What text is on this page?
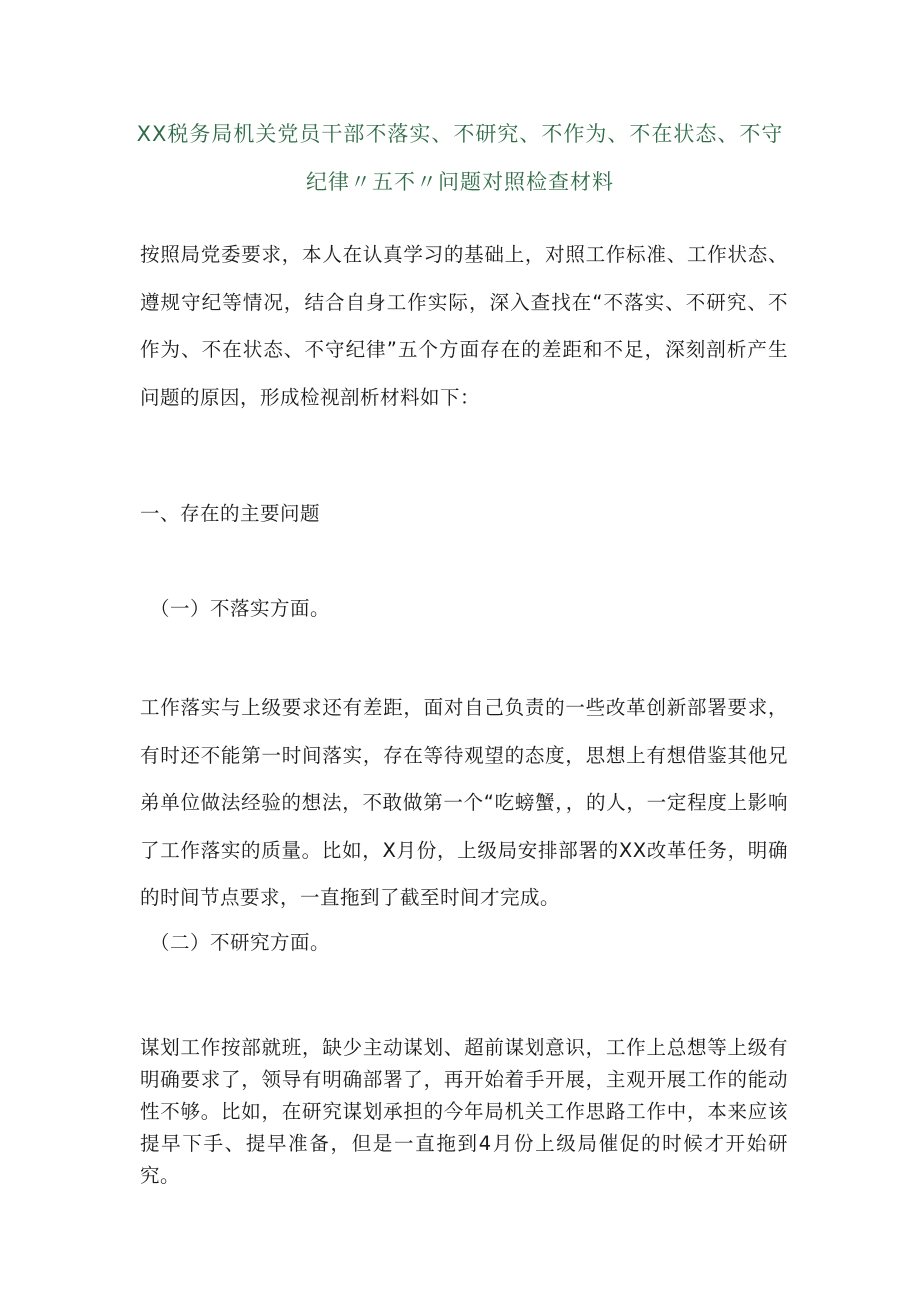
XX税务局机关党员干部不落实、不研究、不作为、不在状态、不守
纪律〃五不〃问题对照检查材料

按照局党委要求，本人在认真学习的基础上，对照工作标准、工作状态、遵规守纪等情况，结合自身工作实际，深入查找在“不落实、不研究、不作为、不在状态、不守纪律”五个方面存在的差距和不足，深刻剖析产生问题的原因，形成检视剖析材料如下：

一、存在的主要问题

（一）不落实方面。

工作落实与上级要求还有差距，面对自己负责的一些改革创新部署要求，有时还不能第一时间落实，存在等待观望的态度，思想上有想借鉴其他兄弟单位做法经验的想法，不敢做第一个“吃螃蟹，，的人，一定程度上影响了工作落实的质量。比如，X月份，上级局安排部署的XX改革任务，明确的时间节点要求，一直拖到了截至时间才完成。

（二）不研究方面。

谋划工作按部就班，缺少主动谋划、超前谋划意识，工作上总想等上级有明确要求了，领导有明确部署了，再开始着手开展，主观开展工作的能动性不够。比如，在研究谋划承担的今年局机关工作思路工作中，本来应该提早下手、提早准备，但是一直拖到4月份上级局催促的时候才开始研究。
